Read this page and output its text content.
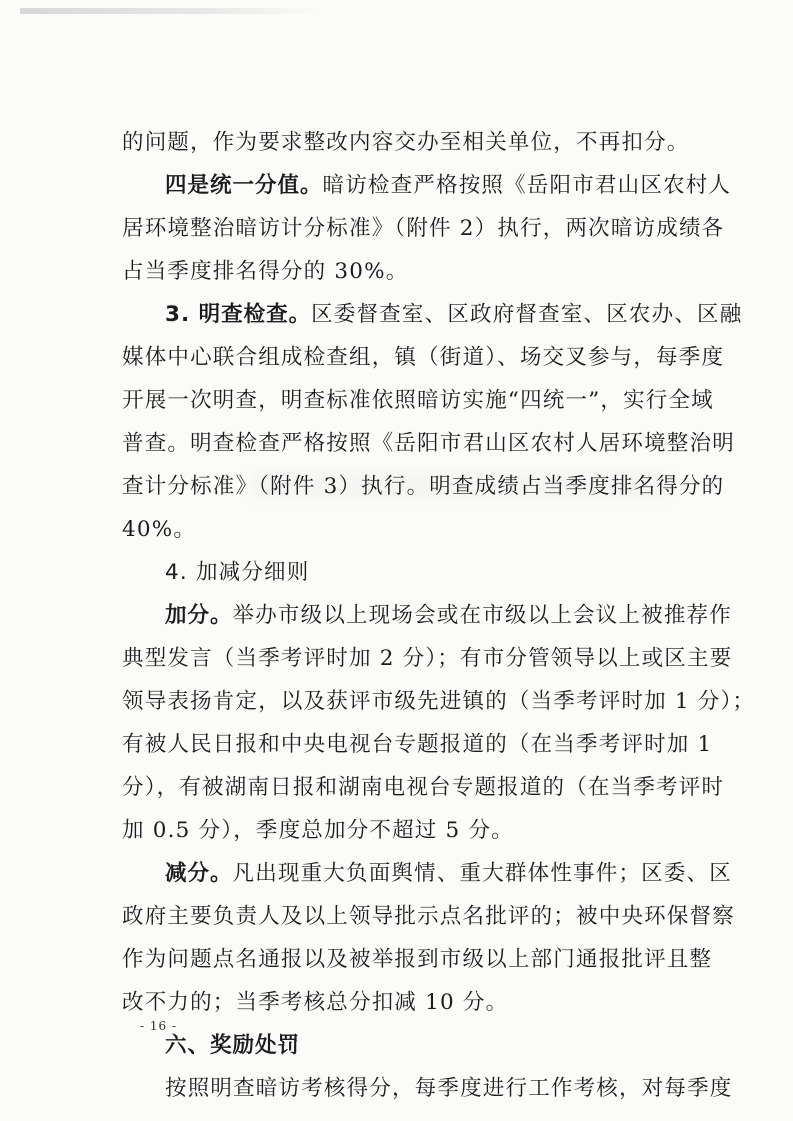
的问题，作为要求整改内容交办至相关单位，不再扣分。
四是统一分值。暗访检查严格按照《岳阳市君山区农村人
居环境整治暗访计分标准》（附件 2）执行，两次暗访成绩各
占当季度排名得分的 30%。
3. 明查检查。区委督查室、区政府督查室、区农办、区融
媒体中心联合组成检查组，镇（街道）、场交叉参与，每季度
开展一次明查，明查标准依照暗访实施“四统一”，实行全域
普查。明查检查严格按照《岳阳市君山区农村人居环境整治明
查计分标准》（附件 3）执行。明查成绩占当季度排名得分的
40%。
4. 加减分细则
加分。举办市级以上现场会或在市级以上会议上被推荐作
典型发言（当季考评时加 2 分）；有市分管领导以上或区主要
领导表扬肯定，以及获评市级先进镇的（当季考评时加 1 分）；
有被人民日报和中央电视台专题报道的（在当季考评时加 1
分），有被湖南日报和湖南电视台专题报道的（在当季考评时
加 0.5 分），季度总加分不超过 5 分。
减分。凡出现重大负面舆情、重大群体性事件；区委、区
政府主要负责人及以上领导批示点名批评的；被中央环保督察
作为问题点名通报以及被举报到市级以上部门通报批评且整
改不力的；当季考核总分扣减 10 分。
六、奖励处罚
按照明查暗访考核得分，每季度进行工作考核，对每季度
- 16 -
